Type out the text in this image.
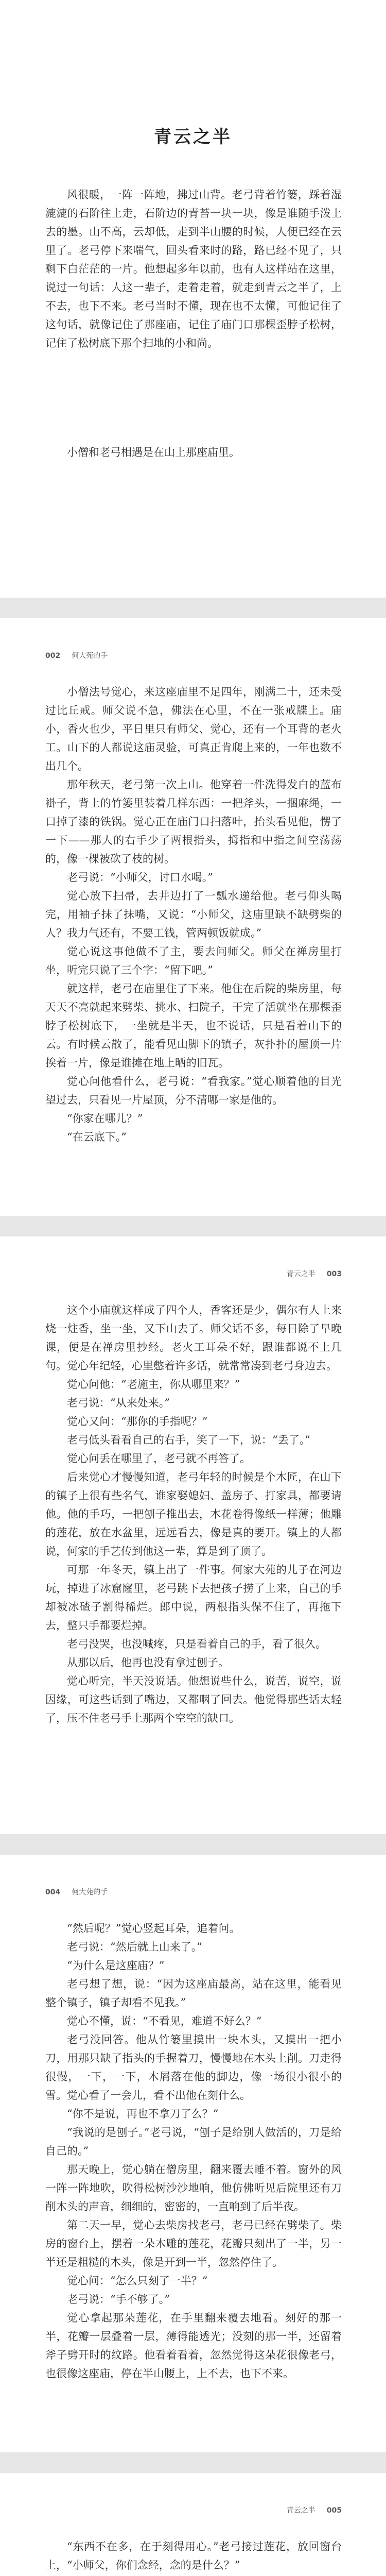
青云之半

风很暖，一阵一阵地，拂过山背。老弓背着竹篓，踩着湿漉漉的石阶往上走，石阶边的青苔一块一块，像是谁随手泼上去的墨。山不高，云却低，走到半山腰的时候，人便已经在云里了。老弓停下来喘气，回头看来时的路，路已经不见了，只剩下白茫茫的一片。他想起多年以前，也有人这样站在这里，说过一句话：人这一辈子，走着走着，就走到青云之半了，上不去，也下不来。老弓当时不懂，现在也不太懂，可他记住了这句话，就像记住了那座庙，记住了庙门口那棵歪脖子松树，记住了松树底下那个扫地的小和尚。

小僧和老弓相遇是在山上那座庙里。

002 何大苑的手

小僧法号觉心，来这座庙里不足四年，刚满二十，还未受过比丘戒。师父说不急，佛法在心里，不在一张戒牒上。庙小，香火也少，平日里只有师父、觉心，还有一个耳背的老火工。山下的人都说这庙灵验，可真正肯爬上来的，一年也数不出几个。

那年秋天，老弓第一次上山。他穿着一件洗得发白的蓝布褂子，背上的竹篓里装着几样东西：一把斧头，一捆麻绳，一口掉了漆的铁锅。觉心正在庙门口扫落叶，抬头看见他，愣了一下——那人的右手少了两根指头，拇指和中指之间空荡荡的，像一棵被砍了枝的树。

老弓说：“小师父，讨口水喝。”

觉心放下扫帚，去井边打了一瓢水递给他。老弓仰头喝完，用袖子抹了抹嘴，又说：“小师父，这庙里缺不缺劈柴的人？我力气还有，不要工钱，管两顿饭就成。”

觉心说这事他做不了主，要去问师父。师父在禅房里打坐，听完只说了三个字：“留下吧。”

就这样，老弓在庙里住了下来。他住在后院的柴房里，每天天不亮就起来劈柴、挑水、扫院子，干完了活就坐在那棵歪脖子松树底下，一坐就是半天，也不说话，只是看着山下的云。有时候云散了，能看见山脚下的镇子，灰扑扑的屋顶一片挨着一片，像是谁摊在地上晒的旧瓦。

觉心问他看什么，老弓说：“看我家。”觉心顺着他的目光望过去，只看见一片屋顶，分不清哪一家是他的。

“你家在哪儿？”

“在云底下。”

青云之半 003

这个小庙就这样成了四个人，香客还是少，偶尔有人上来烧一炷香，坐一坐，又下山去了。师父话不多，每日除了早晚课，便是在禅房里抄经。老火工耳朵不好，跟谁都说不上几句。觉心年纪轻，心里憋着许多话，就常常凑到老弓身边去。

觉心问他：“老施主，你从哪里来？”

老弓说：“从来处来。”

觉心又问：“那你的手指呢？”

老弓低头看看自己的右手，笑了一下，说：“丢了。”

觉心问丢在哪里了，老弓就不再答了。

后来觉心才慢慢知道，老弓年轻的时候是个木匠，在山下的镇子上很有些名气，谁家娶媳妇、盖房子、打家具，都要请他。他的手巧，一把刨子推出去，木花卷得像纸一样薄；他雕的莲花，放在水盆里，远远看去，像是真的要开。镇上的人都说，何家的手艺传到他这一辈，算是到了顶了。

可那一年冬天，镇上出了一件事。何家大苑的儿子在河边玩，掉进了冰窟窿里，老弓跳下去把孩子捞了上来，自己的手却被冰碴子割得稀烂。郎中说，两根指头保不住了，再拖下去，整只手都要烂掉。

老弓没哭，也没喊疼，只是看着自己的手，看了很久。

从那以后，他再也没有拿过刨子。

觉心听完，半天没说话。他想说些什么，说苦，说空，说因缘，可这些话到了嘴边，又都咽了回去。他觉得那些话太轻了，压不住老弓手上那两个空空的缺口。

004 何大苑的手

“然后呢？”觉心竖起耳朵，追着问。

老弓说：“然后就上山来了。”

“为什么是这座庙？”

老弓想了想，说：“因为这座庙最高，站在这里，能看见整个镇子，镇子却看不见我。”

觉心不懂，说：“不看见，难道不好么？”

老弓没回答。他从竹篓里摸出一块木头，又摸出一把小刀，用那只缺了指头的手握着刀，慢慢地在木头上削。刀走得很慢，一下，一下，木屑落在他的脚边，像一场很小很小的雪。觉心看了一会儿，看不出他在刻什么。

“你不是说，再也不拿刀了么？”

“我说的是刨子。”老弓说，“刨子是给别人做活的，刀是给自己的。”

那天晚上，觉心躺在僧房里，翻来覆去睡不着。窗外的风一阵一阵地吹，吹得松树沙沙地响，他仿佛听见后院里还有刀削木头的声音，细细的，密密的，一直响到了后半夜。

第二天一早，觉心去柴房找老弓，老弓已经在劈柴了。柴房的窗台上，摆着一朵木雕的莲花，花瓣只刻出了一半，另一半还是粗糙的木头，像是开到一半，忽然停住了。

觉心问：“怎么只刻了一半？”

老弓说：“手不够了。”

觉心拿起那朵莲花，在手里翻来覆去地看。刻好的那一半，花瓣一层叠着一层，薄得能透光；没刻的那一半，还留着斧子劈开时的纹路。他看着看着，忽然觉得这朵花很像老弓，也很像这座庙，停在半山腰上，上不去，也下不来。

青云之半 005

“东西不在多，在于刻得用心。”老弓接过莲花，放回窗台上，“小师父，你们念经，念的是什么？”
